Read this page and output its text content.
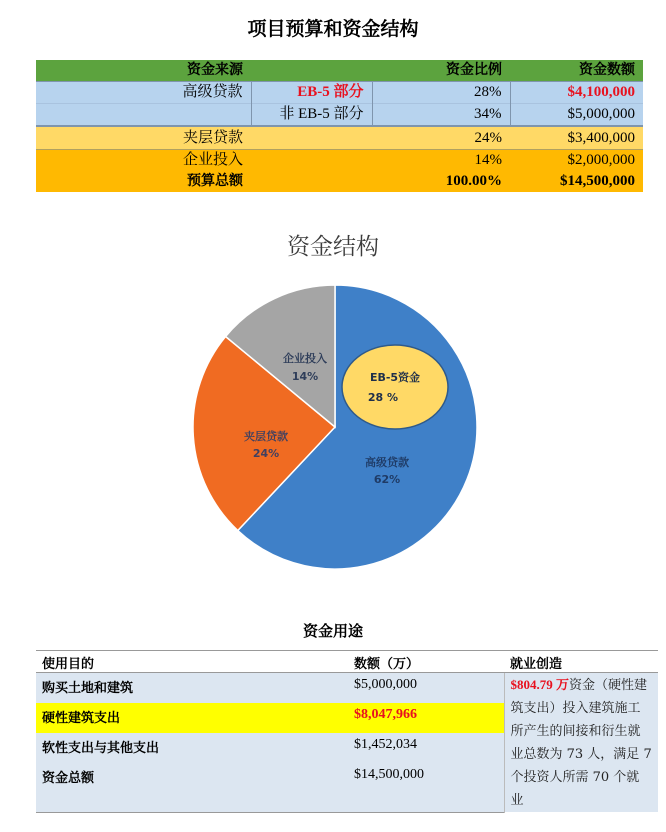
项目预算和资金结构
资金来源		资金比例	资金数额
高级贷款	EB-5 部分	28%	$4,100,000
	非 EB-5 部分	34%	$5,000,000
夹层贷款		24%	$3,400,000
企业投入		14%	$2,000,000
预算总额		100.00%	$14,500,000
资金结构
EB-5资金
28 %
高级贷款
62%
夹层贷款
24%
企业投入
14%
资金用途
使用目的	数额（万）	就业创造
购买土地和建筑	$5,000,000	$804.79 万资金（硬性建筑支出）投入建筑施工所产生的间接和衍生就业总数为 73 人，满足 7 个投资人所需 70 个就业
硬性建筑支出	$8,047,966	
软性支出与其他支出	$1,452,034	
资金总额	$14,500,000	
